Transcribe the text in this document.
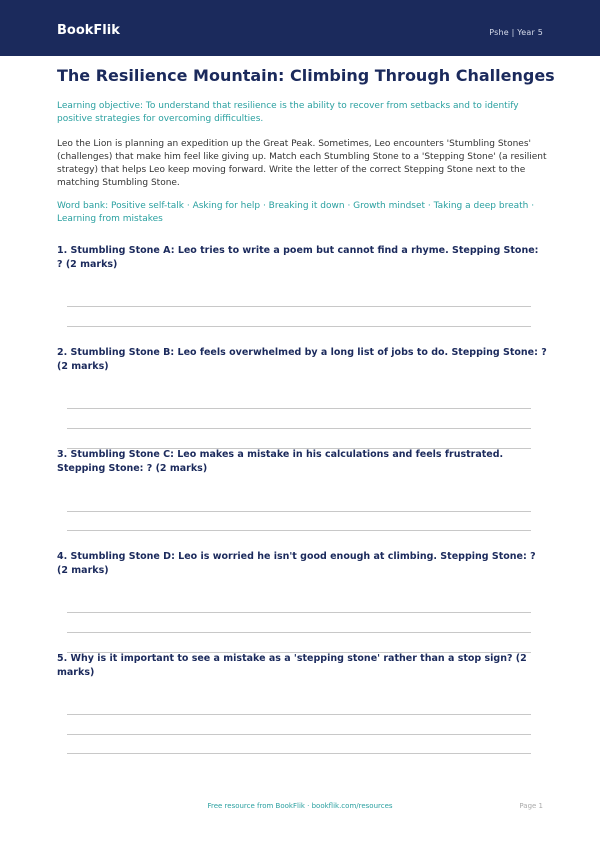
BookFlik	Pshe | Year 5
The Resilience Mountain: Climbing Through Challenges
Learning objective: To understand that resilience is the ability to recover from setbacks and to identify positive strategies for overcoming difficulties.
Leo the Lion is planning an expedition up the Great Peak. Sometimes, Leo encounters 'Stumbling Stones' (challenges) that make him feel like giving up. Match each Stumbling Stone to a 'Stepping Stone' (a resilient strategy) that helps Leo keep moving forward. Write the letter of the correct Stepping Stone next to the matching Stumbling Stone.
Word bank: Positive self-talk · Asking for help · Breaking it down · Growth mindset · Taking a deep breath · Learning from mistakes
1. Stumbling Stone A: Leo tries to write a poem but cannot find a rhyme. Stepping Stone: ? (2 marks)
2. Stumbling Stone B: Leo feels overwhelmed by a long list of jobs to do. Stepping Stone: ? (2 marks)
3. Stumbling Stone C: Leo makes a mistake in his calculations and feels frustrated. Stepping Stone: ? (2 marks)
4. Stumbling Stone D: Leo is worried he isn't good enough at climbing. Stepping Stone: ? (2 marks)
5. Why is it important to see a mistake as a 'stepping stone' rather than a stop sign? (2 marks)
Free resource from BookFlik · bookflik.com/resources	Page 1
